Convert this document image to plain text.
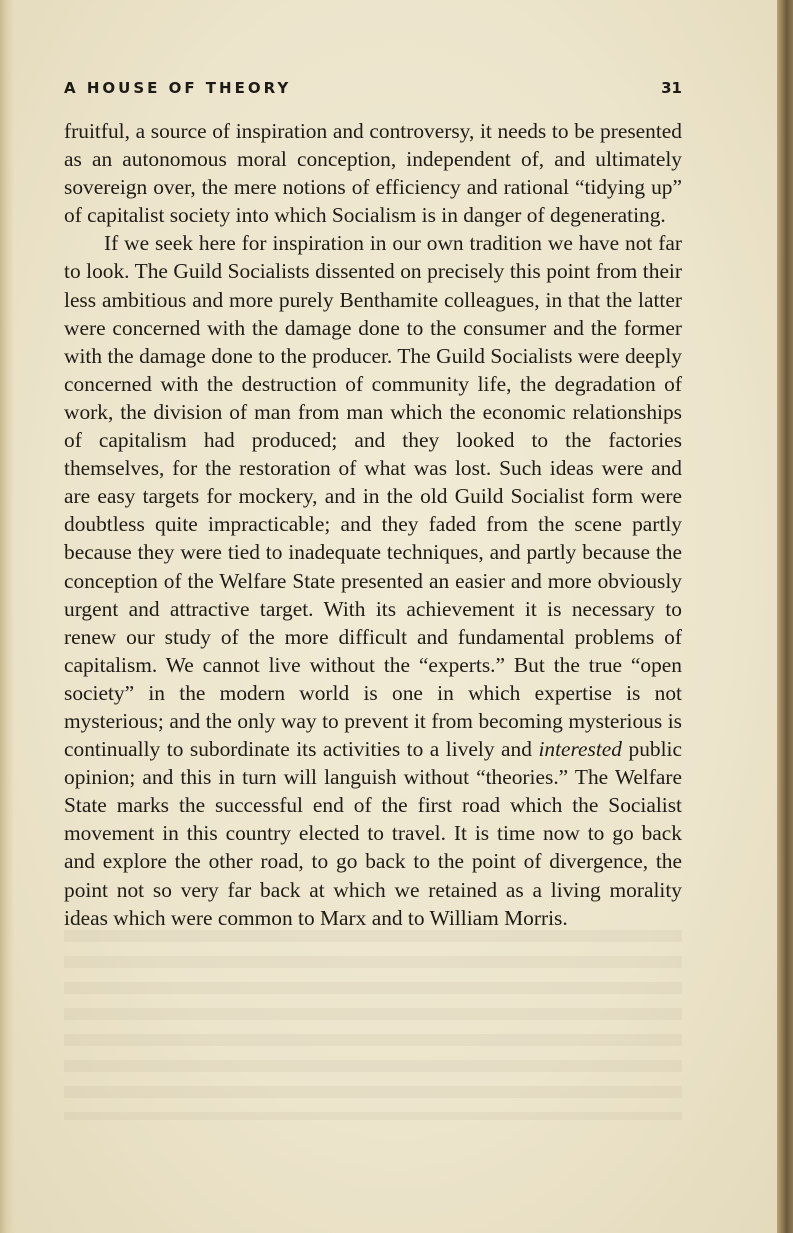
A HOUSE OF THEORY	31

fruitful, a source of inspiration and controversy, it needs to be presented as an autonomous moral conception, independent of, and ultimately sovereign over, the mere notions of efficiency and rational “tidying up” of capitalist society into which Socialism is in danger of degenerating.

If we seek here for inspiration in our own tradition we have not far to look. The Guild Socialists dissented on precisely this point from their less ambitious and more purely Benthamite colleagues, in that the latter were concerned with the damage done to the consumer and the former with the damage done to the producer. The Guild Socialists were deeply concerned with the destruction of community life, the degradation of work, the division of man from man which the economic relationships of capitalism had produced; and they looked to the factories themselves, for the restoration of what was lost. Such ideas were and are easy targets for mockery, and in the old Guild Socialist form were doubtless quite impracticable; and they faded from the scene partly because they were tied to inadequate techniques, and partly because the conception of the Welfare State presented an easier and more obviously urgent and attractive target. With its achievement it is necessary to renew our study of the more difficult and fundamental problems of capitalism. We cannot live without the “experts.” But the true “open society” in the modern world is one in which expertise is not mysterious; and the only way to prevent it from becoming mysterious is continually to subordinate its activities to a lively and interested public opinion; and this in turn will languish without “theories.” The Welfare State marks the successful end of the first road which the Socialist movement in this country elected to travel. It is time now to go back and explore the other road, to go back to the point of divergence, the point not so very far back at which we retained as a living morality ideas which were common to Marx and to William Morris.
